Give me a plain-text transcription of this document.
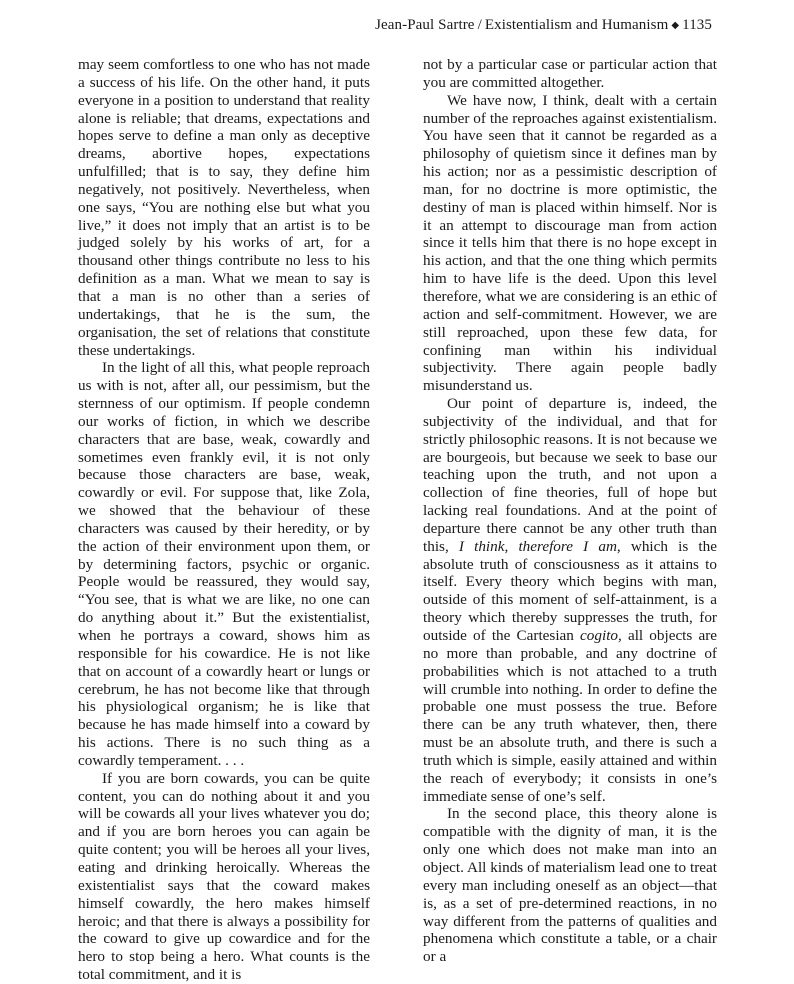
Jean-Paul Sartre / Existentialism and Humanism ◆ 1135

may seem comfortless to one who has not made a success of his life. On the other hand, it puts everyone in a position to understand that reality alone is reliable; that dreams, expectations and hopes serve to define a man only as deceptive dreams, abortive hopes, expectations unfulfilled; that is to say, they define him negatively, not positively. Nevertheless, when one says, “You are nothing else but what you live,” it does not imply that an artist is to be judged solely by his works of art, for a thousand other things contribute no less to his definition as a man. What we mean to say is that a man is no other than a series of undertakings, that he is the sum, the organisation, the set of relations that constitute these undertakings.

In the light of all this, what people reproach us with is not, after all, our pessimism, but the sternness of our optimism. If people condemn our works of fiction, in which we describe characters that are base, weak, cowardly and sometimes even frankly evil, it is not only because those characters are base, weak, cowardly or evil. For suppose that, like Zola, we showed that the behaviour of these characters was caused by their heredity, or by the action of their environment upon them, or by determining factors, psychic or organic. People would be reassured, they would say, “You see, that is what we are like, no one can do anything about it.” But the existentialist, when he portrays a coward, shows him as responsible for his cowardice. He is not like that on account of a cowardly heart or lungs or cerebrum, he has not become like that through his physiological organism; he is like that because he has made himself into a coward by his actions. There is no such thing as a cowardly temperament. . . .

If you are born cowards, you can be quite content, you can do nothing about it and you will be cowards all your lives whatever you do; and if you are born heroes you can again be quite content; you will be heroes all your lives, eating and drinking heroically. Whereas the existentialist says that the coward makes himself cowardly, the hero makes himself heroic; and that there is always a possibility for the coward to give up cowardice and for the hero to stop being a hero. What counts is the total commitment, and it is

not by a particular case or particular action that you are committed altogether.

We have now, I think, dealt with a certain number of the reproaches against existentialism. You have seen that it cannot be regarded as a philosophy of quietism since it defines man by his action; nor as a pessimistic description of man, for no doctrine is more optimistic, the destiny of man is placed within himself. Nor is it an attempt to discourage man from action since it tells him that there is no hope except in his action, and that the one thing which permits him to have life is the deed. Upon this level therefore, what we are considering is an ethic of action and self-commitment. However, we are still reproached, upon these few data, for confining man within his individual subjectivity. There again people badly misunderstand us.

Our point of departure is, indeed, the subjectivity of the individual, and that for strictly philosophic reasons. It is not because we are bourgeois, but because we seek to base our teaching upon the truth, and not upon a collection of fine theories, full of hope but lacking real foundations. And at the point of departure there cannot be any other truth than this, I think, therefore I am, which is the absolute truth of consciousness as it attains to itself. Every theory which begins with man, outside of this moment of self-attainment, is a theory which thereby suppresses the truth, for outside of the Cartesian cogito, all objects are no more than probable, and any doctrine of probabilities which is not attached to a truth will crumble into nothing. In order to define the probable one must possess the true. Before there can be any truth whatever, then, there must be an absolute truth, and there is such a truth which is simple, easily attained and within the reach of everybody; it consists in one’s immediate sense of one’s self.

In the second place, this theory alone is compatible with the dignity of man, it is the only one which does not make man into an object. All kinds of materialism lead one to treat every man including oneself as an object—that is, as a set of pre-determined reactions, in no way different from the patterns of qualities and phenomena which constitute a table, or a chair or a
